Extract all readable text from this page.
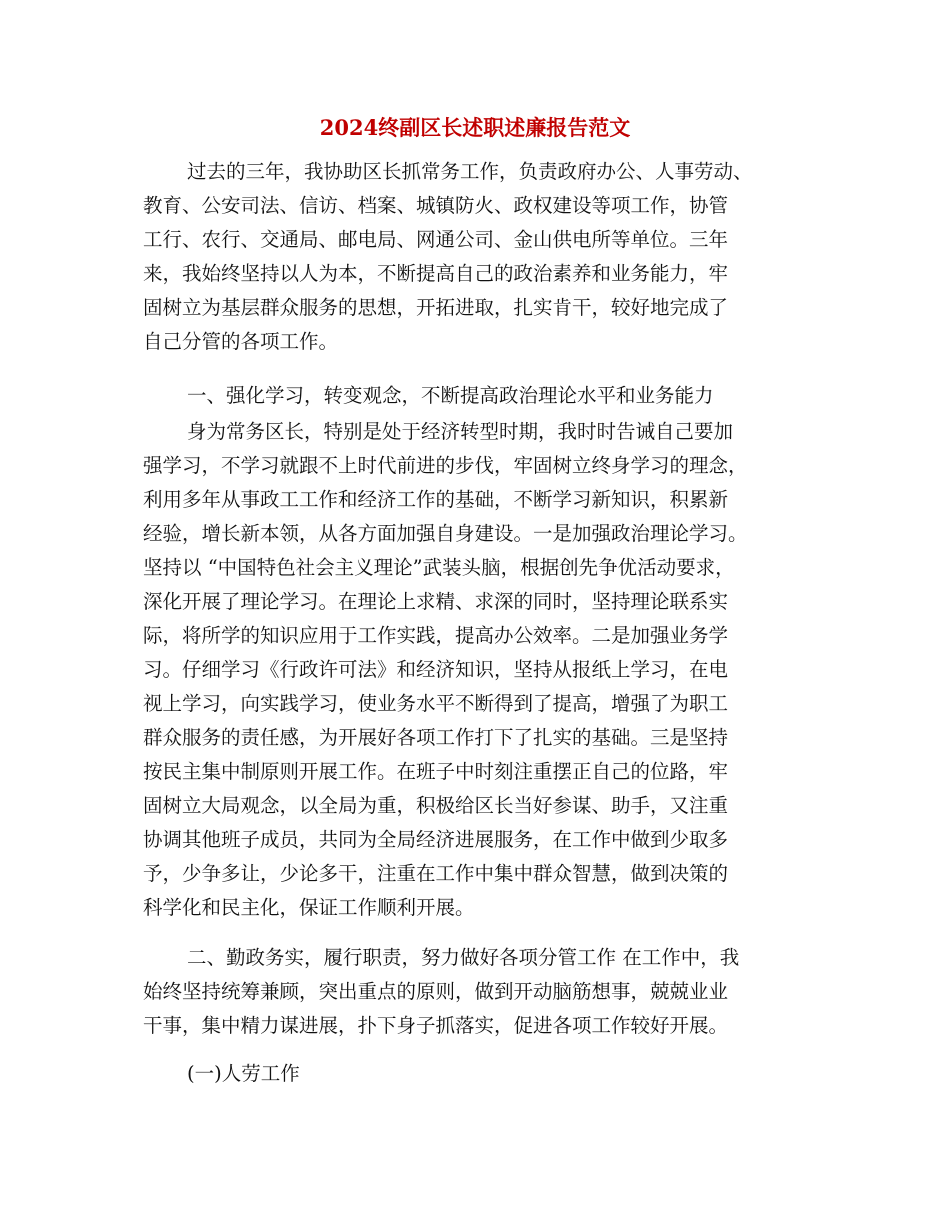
2024终副区长述职述廉报告范文
过去的三年，我协助区长抓常务工作，负责政府办公、人事劳动、
教育、公安司法、信访、档案、城镇防火、政权建设等项工作，协管
工行、农行、交通局、邮电局、网通公司、金山供电所等单位。三年
来，我始终坚持以人为本，不断提高自己的政治素养和业务能力，牢
固树立为基层群众服务的思想，开拓进取，扎实肯干，较好地完成了
自己分管的各项工作。
一、强化学习，转变观念，不断提高政治理论水平和业务能力
身为常务区长，特别是处于经济转型时期，我时时告诫自己要加
强学习，不学习就跟不上时代前进的步伐，牢固树立终身学习的理念，
利用多年从事政工工作和经济工作的基础，不断学习新知识，积累新
经验，增长新本领，从各方面加强自身建设。一是加强政治理论学习。
坚持以 “中国特色社会主义理论”武装头脑，根据创先争优活动要求，
深化开展了理论学习。在理论上求精、求深的同时，坚持理论联系实
际，将所学的知识应用于工作实践，提高办公效率。二是加强业务学
习。仔细学习《行政许可法》和经济知识，坚持从报纸上学习，在电
视上学习，向实践学习，使业务水平不断得到了提高，增强了为职工
群众服务的责任感，为开展好各项工作打下了扎实的基础。三是坚持
按民主集中制原则开展工作。在班子中时刻注重摆正自己的位路，牢
固树立大局观念，以全局为重，积极给区长当好参谋、助手，又注重
协调其他班子成员，共同为全局经济进展服务，在工作中做到少取多
予，少争多让，少论多干，注重在工作中集中群众智慧，做到决策的
科学化和民主化，保证工作顺利开展。
二、勤政务实，履行职责，努力做好各项分管工作 在工作中，我
始终坚持统筹兼顾，突出重点的原则，做到开动脑筋想事，兢兢业业
干事，集中精力谋进展，扑下身子抓落实，促进各项工作较好开展。
(一)人劳工作
